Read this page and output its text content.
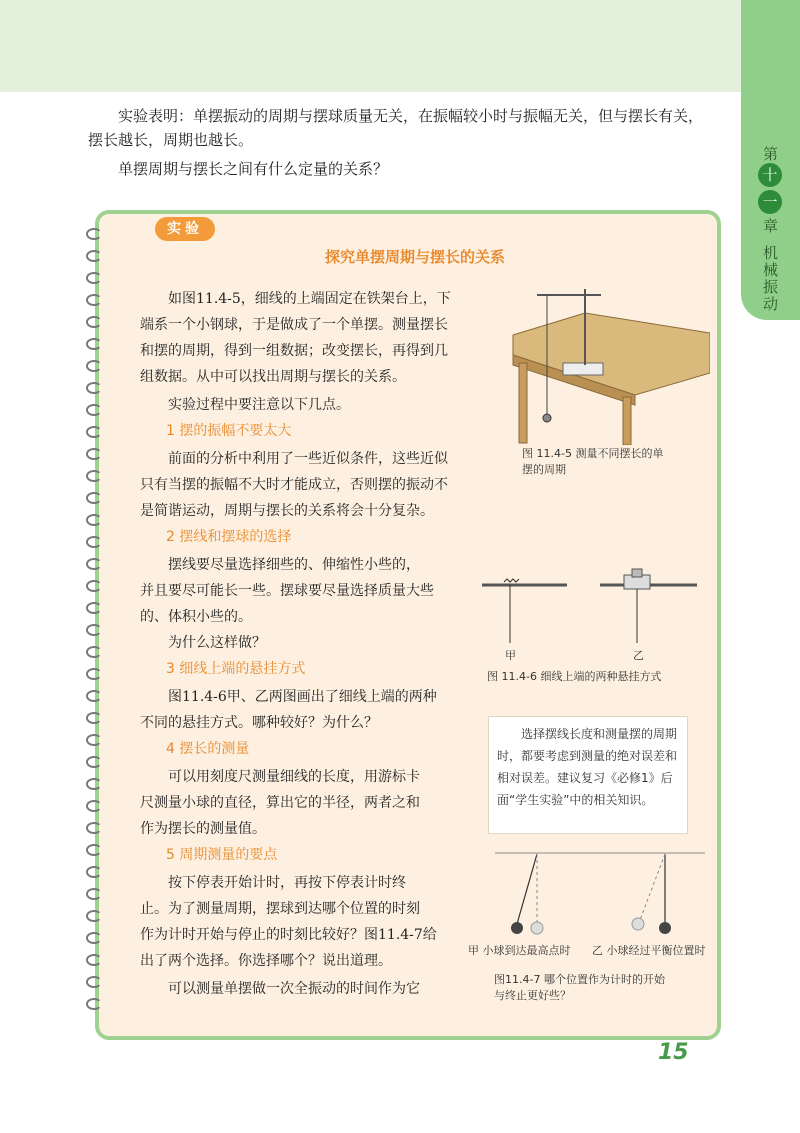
第
十
一
章
机
械
振
动
实验表明：单摆振动的周期与摆球质量无关，在振幅较小时与振幅无关，但与摆长有关，
摆长越长，周期也越长。
单摆周期与摆长之间有什么定量的关系？
实验
探究单摆周期与摆长的关系
如图11.4-5，细线的上端固定在铁架台上，下
端系一个小钢球，于是做成了一个单摆。测量摆长
和摆的周期，得到一组数据；改变摆长，再得到几
组数据。从中可以找出周期与摆长的关系。
实验过程中要注意以下几点。
1 摆的振幅不要太大
前面的分析中利用了一些近似条件，这些近似
只有当摆的振幅不大时才能成立，否则摆的振动不
是简谐运动，周期与摆长的关系将会十分复杂。
2 摆线和摆球的选择
摆线要尽量选择细些的、伸缩性小些的，
并且要尽可能长一些。摆球要尽量选择质量大些
的、体积小些的。
为什么这样做？
3 细线上端的悬挂方式
图11.4-6甲、乙两图画出了细线上端的两种
不同的悬挂方式。哪种较好？为什么？
4 摆长的测量
可以用刻度尺测量细线的长度，用游标卡
尺测量小球的直径，算出它的半径，两者之和
作为摆长的测量值。
5 周期测量的要点
按下停表开始计时，再按下停表计时终
止。为了测量周期，摆球到达哪个位置的时刻
作为计时开始与停止的时刻比较好？图11.4-7给
出了两个选择。你选择哪个？说出道理。
可以测量单摆做一次全振动的时间作为它
图 11.4-5 测量不同摆长的单
摆的周期
甲	乙
图 11.4-6 细线上端的两种悬挂方式
选择摆线长度和测量摆的周期时，都要考虑到测量的绝对误差和相对误差。建议复习《必修1》后面“学生实验”中的相关知识。
甲 小球到达最高点时 乙 小球经过平衡位置时
图11.4-7 哪个位置作为计时的开始
与终止更好些？
15
